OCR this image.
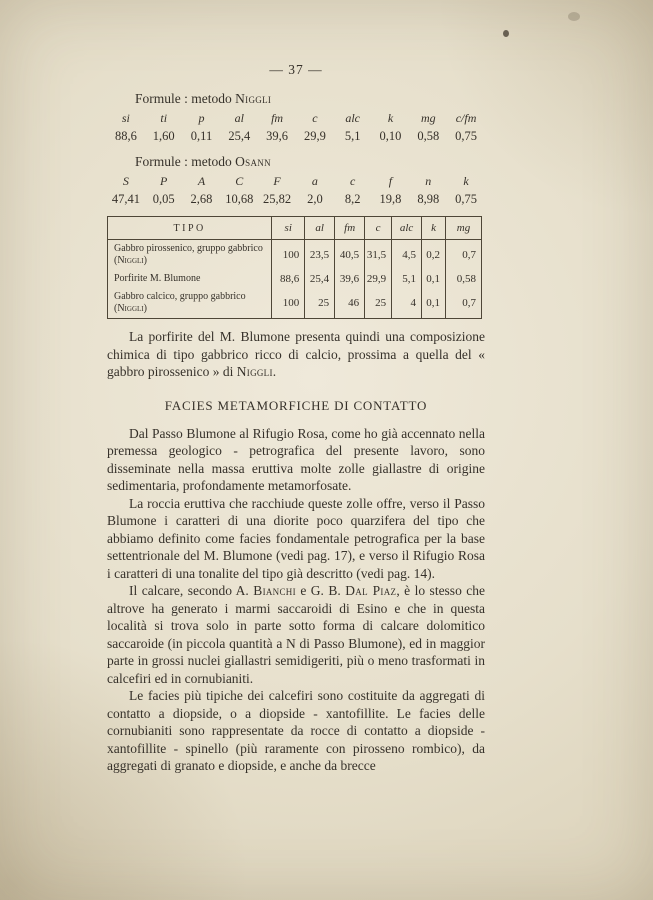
— 37 —
Formule : metodo Niggli
si	ti	p	al	fm	c	alc	k	mg	c/fm
88,6	1,60	0,11	25,4	39,6	29,9	5,1	0,10	0,58	0,75
Formule : metodo Osann
S	P	A	C	F	a	c	f	n	k
47,41	0,05	2,68	10,68 25,82	2,0	8,2	19,8	8,98	0,75
TIPO	si	al	fm	c	alc	k	mg

Gabbro pirossenico, gruppo gabbrico
(Niggli)	100	23,5	40,5	31,5	4,5	0,2	0,7

Porfirite M. Blumone	88,6	25,4	39,6	29,9	5,1	0,1	0,58

Gabbro calcico, gruppo gabbrico
(Niggli)	100	25	46	25	4	0,1	0,7

La porfirite del M. Blumone presenta quindi una composizione chimica di tipo gabbrico ricco di calcio, prossima a quella del « gabbro pirossenico » di Niggli.

FACIES METAMORFICHE DI CONTATTO

Dal Passo Blumone al Rifugio Rosa, come ho già accennato nella premessa geologico - petrografica del presente lavoro, sono disseminate nella massa eruttiva molte zolle giallastre di origine sedimentaria, profondamente metamorfosate.

La roccia eruttiva che racchiude queste zolle offre, verso il Passo Blumone i caratteri di una diorite poco quarzifera del tipo che abbiamo definito come facies fondamentale petrografica per la base settentrionale del M. Blumone (vedi pag. 17), e verso il Rifugio Rosa i caratteri di una tonalite del tipo già descritto (vedi pag. 14).

Il calcare, secondo A. Bianchi e G. B. Dal Piaz, è lo stesso che altrove ha generato i marmi saccaroidi di Esino e che in questa località si trova solo in parte sotto forma di calcare dolomitico saccaroide (in piccola quantità a N di Passo Blumone), ed in maggior parte in grossi nuclei giallastri semidigeriti, più o meno trasformati in calcefiri ed in cornubianiti.

Le facies più tipiche dei calcefiri sono costituite da aggregati di contatto a diopside, o a diopside - xantofillite. Le facies delle cornubianiti sono rappresentate da rocce di contatto a diopside - xantofillite - spinello (più raramente con pirosseno rombico), da aggregati di granato e diopside, e anche da brecce
